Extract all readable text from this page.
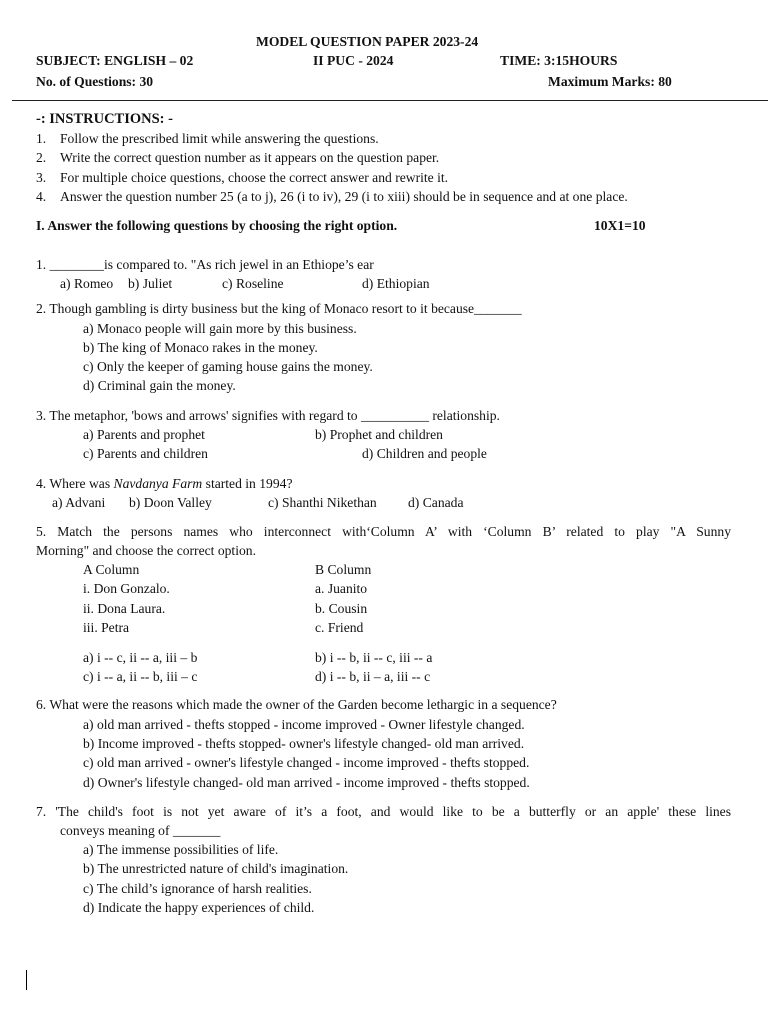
MODEL QUESTION PAPER 2023-24
SUBJECT: ENGLISH – 02	II PUC - 2024	TIME: 3:15HOURS
No. of Questions: 30	Maximum Marks: 80
-: INSTRUCTIONS: -
1. Follow the prescribed limit while answering the questions.
2. Write the correct question number as it appears on the question paper.
3. For multiple choice questions, choose the correct answer and rewrite it.
4. Answer the question number 25 (a to j), 26 (i to iv), 29 (i to xiii) should be in sequence and at one place.
I. Answer the following questions by choosing the right option.	10X1=10
1. ________is compared to. "As rich jewel in an Ethiope’s ear
a) Romeo b) Juliet	c) Roseline	d) Ethiopian
2. Though gambling is dirty business but the king of Monaco resort to it because_______
a) Monaco people will gain more by this business.
b) The king of Monaco rakes in the money.
c) Only the keeper of gaming house gains the money.
d) Criminal gain the money.
3. The metaphor, 'bows and arrows' signifies with regard to __________ relationship.
a) Parents and prophet	b) Prophet and children
c) Parents and children	d) Children and people
4. Where was Navdanya Farm started in 1994?
a) Advani b) Doon Valley	c) Shanthi Nikethan d) Canada
5. Match the persons names who interconnect with‘Column A’ with ‘Column B’ related to play "A Sunny
Morning" and choose the correct option.
A Column	B Column
i. Don Gonzalo.	a. Juanito
ii. Dona Laura.	b. Cousin
iii. Petra	c. Friend
a) i -- c, ii -- a, iii – b	b) i -- b, ii -- c, iii -- a
c) i -- a, ii -- b, iii – c	d) i -- b, ii – a, iii -- c
6. What were the reasons which made the owner of the Garden become lethargic in a sequence?
a) old man arrived - thefts stopped - income improved - Owner lifestyle changed.
b) Income improved - thefts stopped- owner's lifestyle changed- old man arrived.
c) old man arrived - owner's lifestyle changed - income improved - thefts stopped.
d) Owner's lifestyle changed- old man arrived - income improved - thefts stopped.
7. 'The child's foot is not yet aware of it’s a foot, and would like to be a butterfly or an apple' these lines
conveys meaning of _______
a) The immense possibilities of life.
b) The unrestricted nature of child's imagination.
c) The child’s ignorance of harsh realities.
d) Indicate the happy experiences of child.
